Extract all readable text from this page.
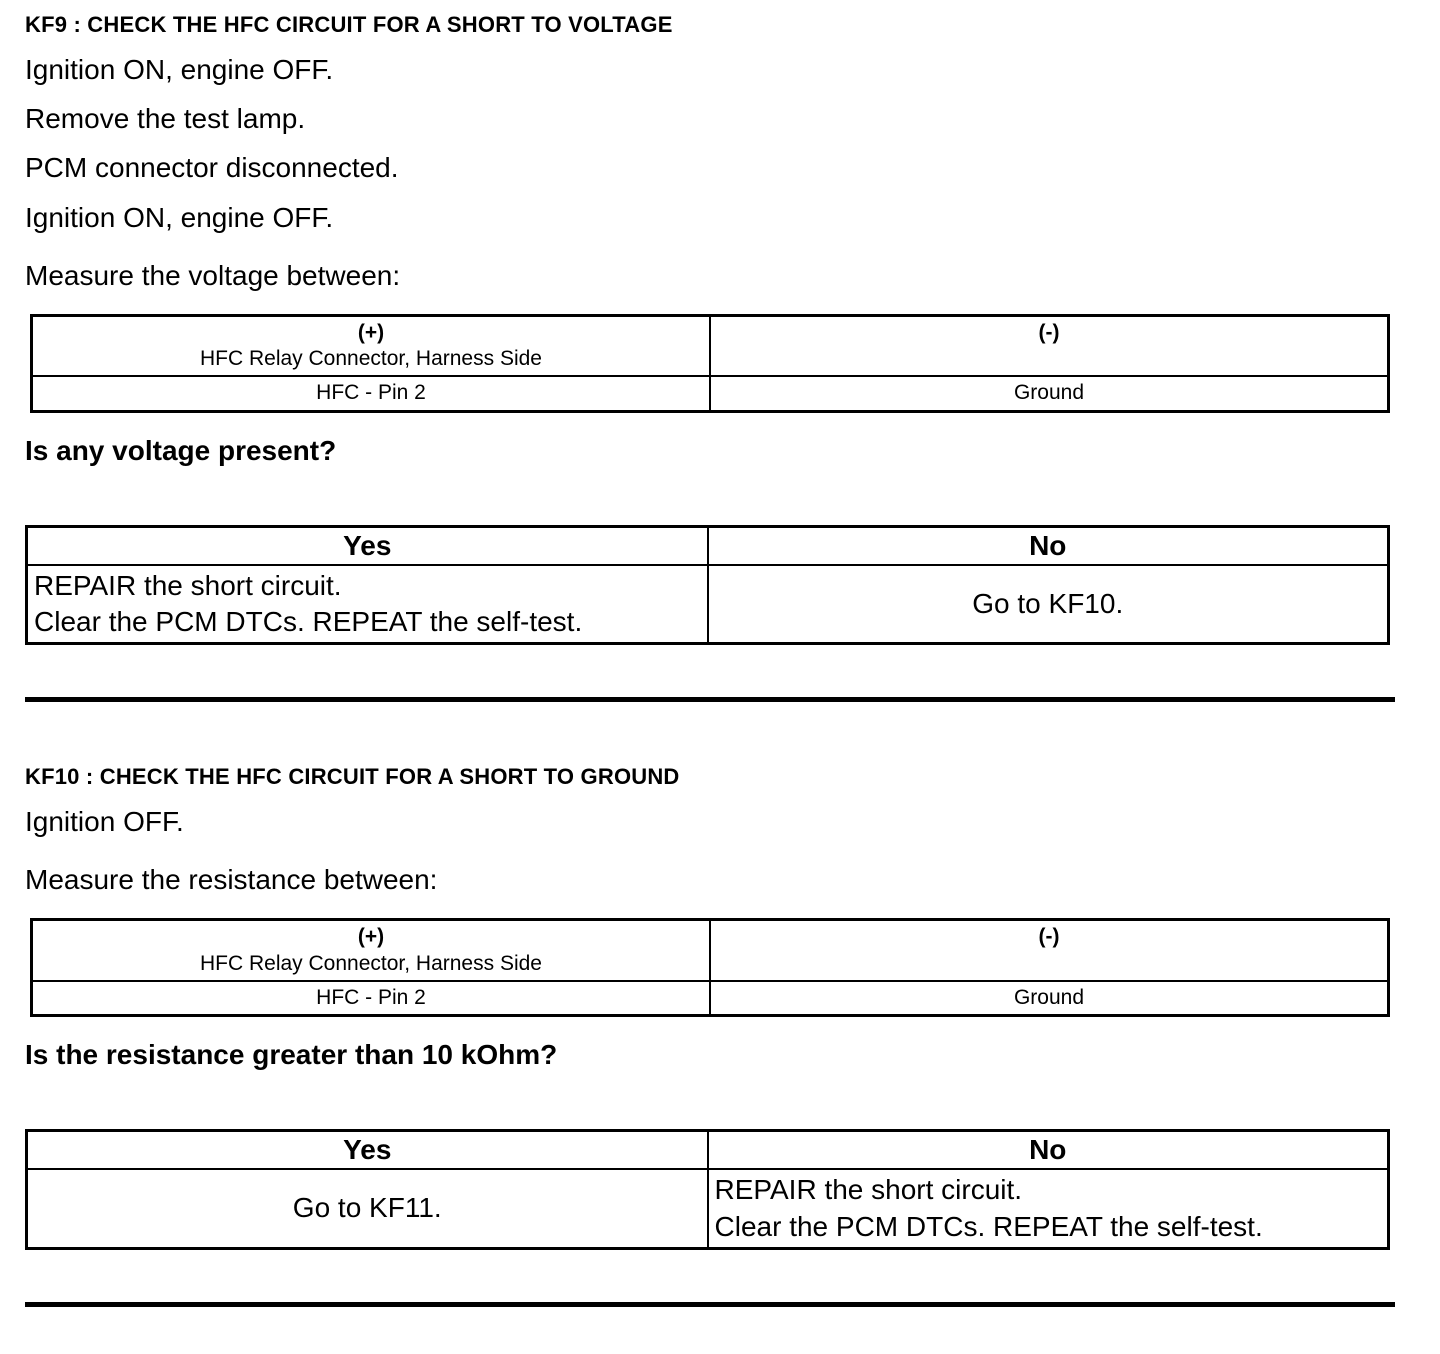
KF9 : CHECK THE HFC CIRCUIT FOR A SHORT TO VOLTAGE

Ignition ON, engine OFF.

Remove the test lamp.

PCM connector disconnected.

Ignition ON, engine OFF.

Measure the voltage between:

(+)
HFC Relay Connector, Harness Side	(-)

HFC - Pin 2	Ground

Is any voltage present?

Yes	No

REPAIR the short circuit.
Clear the PCM DTCs. REPEAT the self-test.	Go to KF10.
KF10 : CHECK THE HFC CIRCUIT FOR A SHORT TO GROUND

Ignition OFF.

Measure the resistance between:

(+)
HFC Relay Connector, Harness Side	(-)

HFC - Pin 2	Ground

Is the resistance greater than 10 kOhm?

Yes	No

Go to KF11.	REPAIR the short circuit.
Clear the PCM DTCs. REPEAT the self-test.
